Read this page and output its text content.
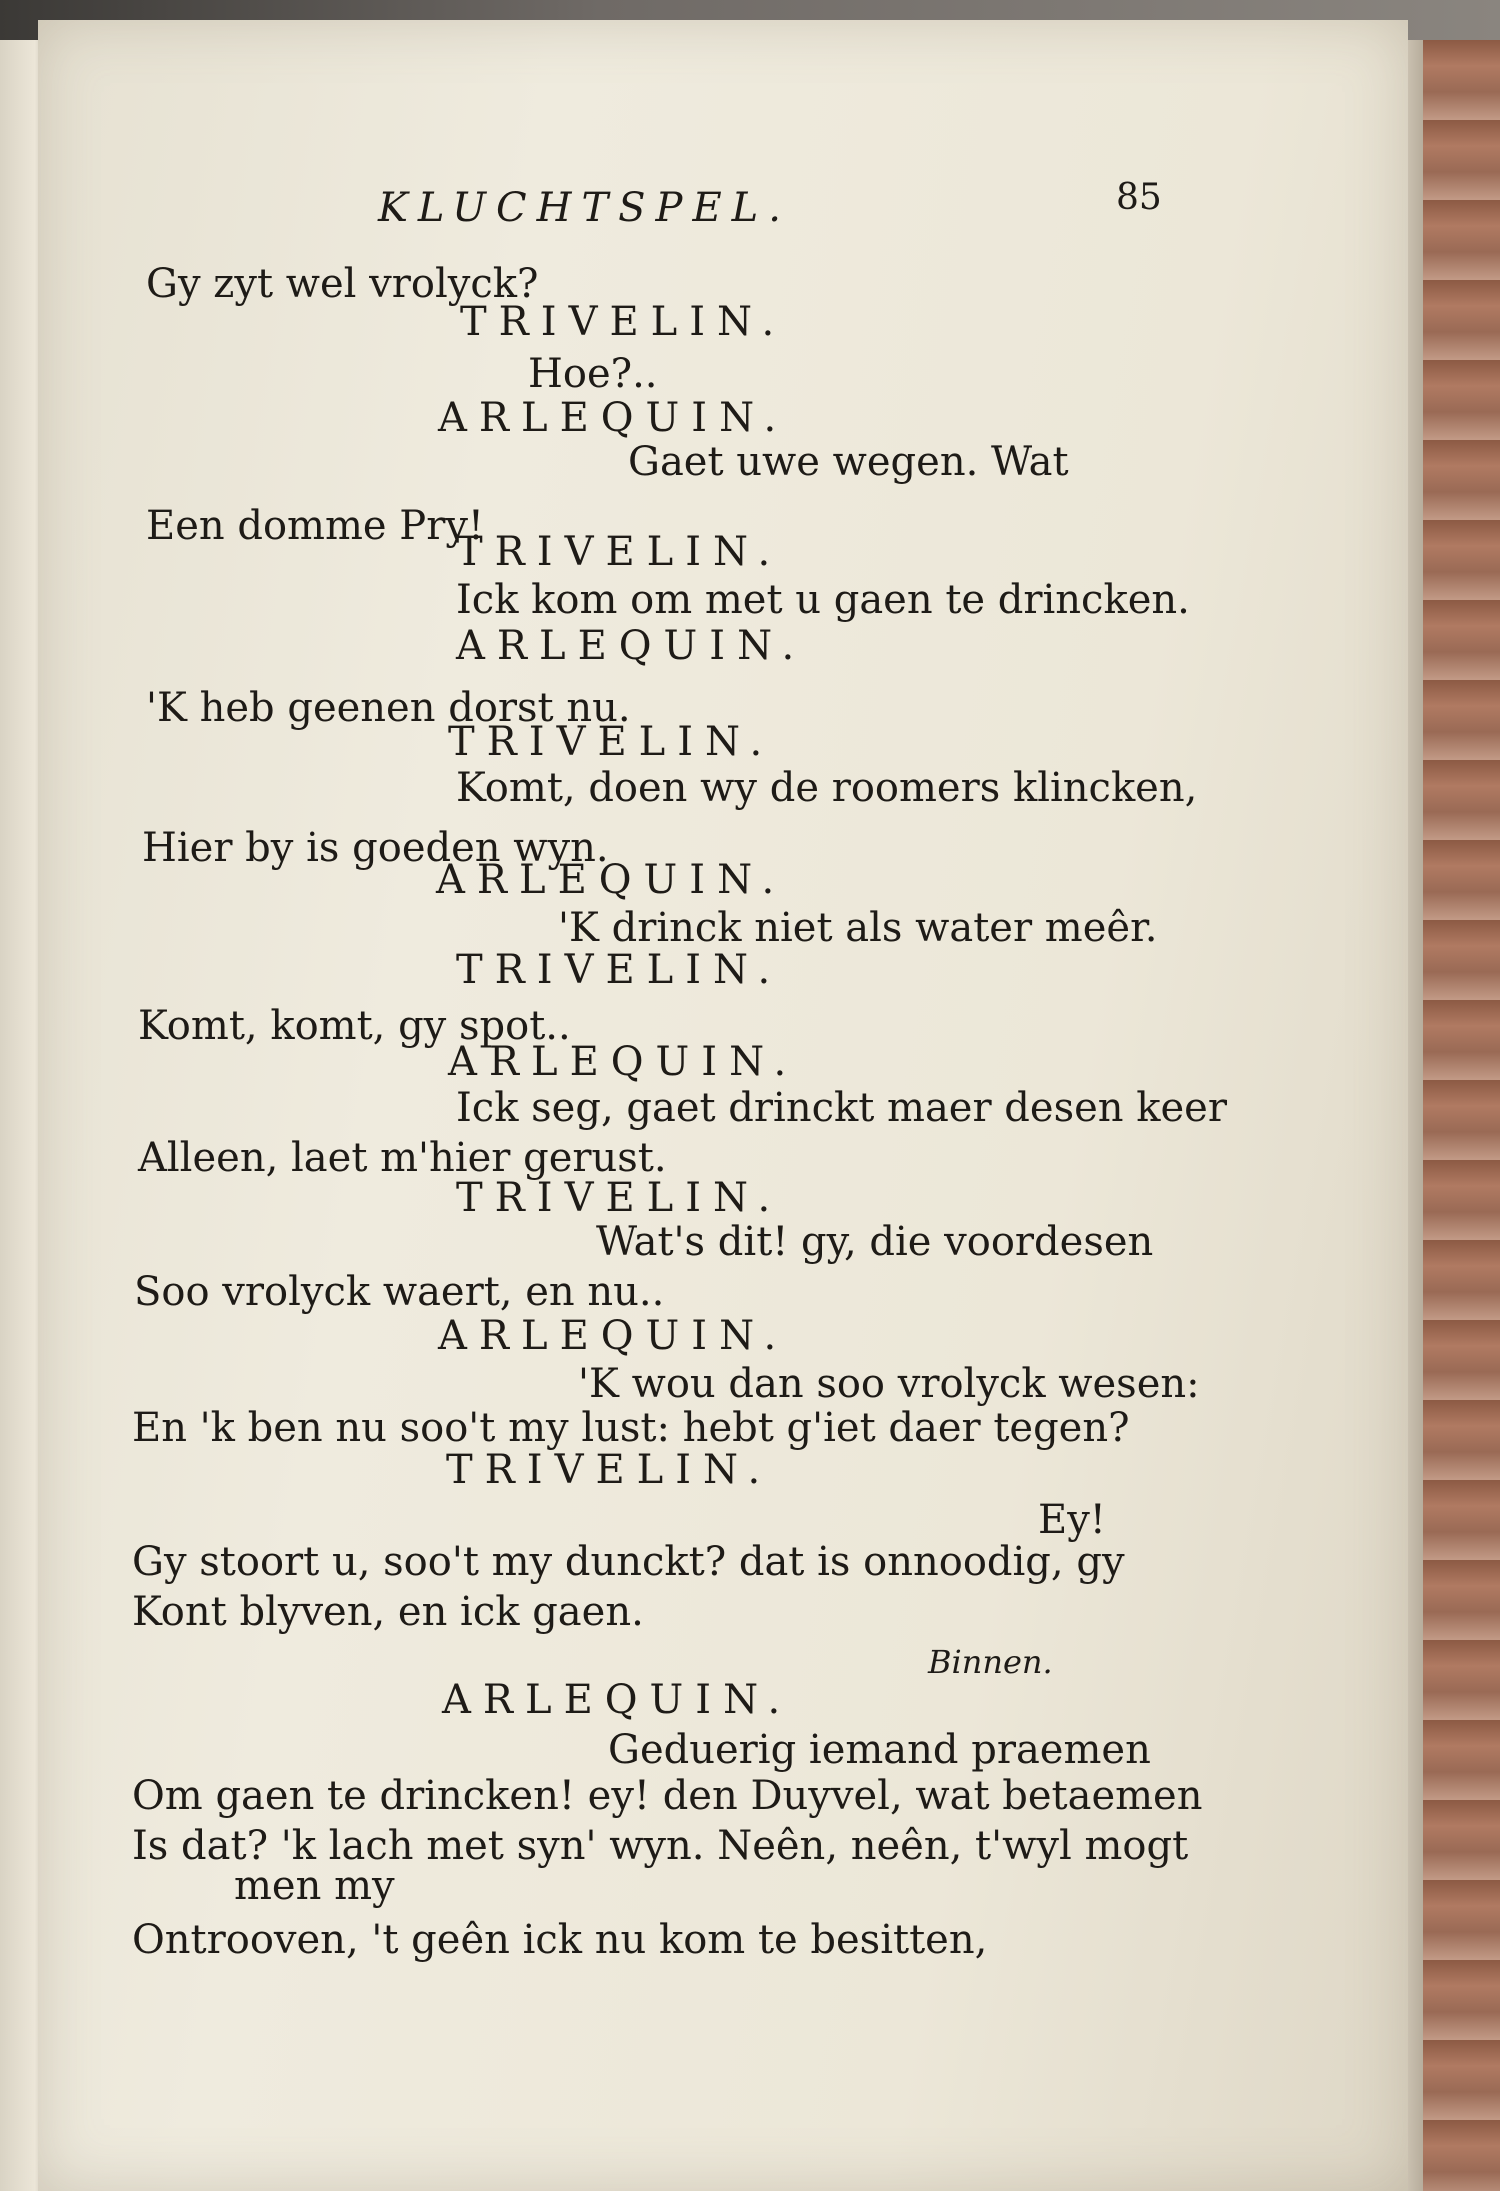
KLUCHTSPEL.	85
Gy zyt wel vrolyck?
TRIVELIN.
Hoe?..
ARLEQUIN.
Gaet uwe wegen. Wat
Een domme Pry!
TRIVELIN.
Ick kom om met u gaen te drincken.
ARLEQUIN.
'K heb geenen dorst nu.
TRIVELIN.
Komt, doen wy de roomers klincken,
Hier by is goeden wyn.
ARLEQUIN.
'K drinck niet als water meêr.
TRIVELIN.
Komt, komt, gy spot..
ARLEQUIN.
Ick seg, gaet drinckt maer desen keer
Alleen, laet m'hier gerust.
TRIVELIN.
Wat's dit! gy, die voordesen
Soo vrolyck waert, en nu..
ARLEQUIN.
'K wou dan soo vrolyck wesen:
En 'k ben nu soo't my lust: hebt g'iet daer tegen?
TRIVELIN.
Ey!
Gy stoort u, soo't my dunckt? dat is onnoodig, gy
Kont blyven, en ick gaen.
Binnen.
ARLEQUIN.
Geduerig iemand praemen
Om gaen te drincken! ey! den Duyvel, wat betaemen
Is dat? 'k lach met syn' wyn. Neên, neên, t'wyl mogt
men my
Ontrooven, 't geên ick nu kom te besitten,
